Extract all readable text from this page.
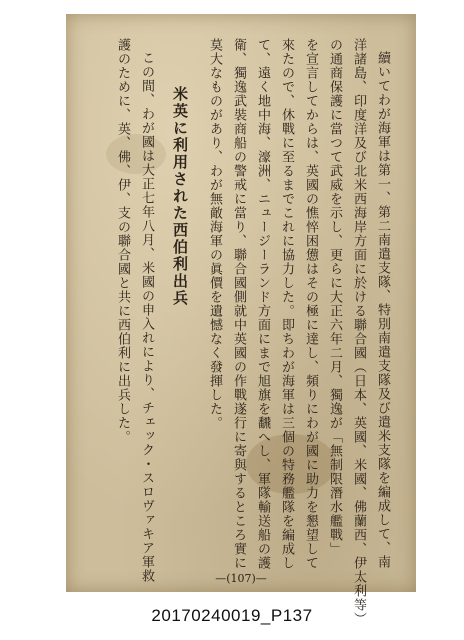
續いてわが海軍は第一、第二南遣支隊、特別南遣支隊及び遣米支隊を編成して、南
洋諸島、印度洋及び北米西海岸方面に於ける聯合國（日本、英國、米國、佛蘭西、伊太利等）
の通商保護に當つて武威を示し、更らに大正六年二月、獨逸が「無制限潛水艦戰」
を宣言してからは、英國の憔悴困憊はその極に達し、頻りにわが國に助力を懇望して
來たので、休戰に至るまでこれに協力した。即ちわが海軍は三個の特務艦隊を編成し
て、遠く地中海、濠洲、ニュージーランド方面にまで旭旗を飜へし、軍隊輸送船の護
衛、獨逸武裝商船の警戒に當り、聯合國側就中英國の作戰遂行に寄與するところ實に
莫大なものがあり、わが無敵海軍の眞價を遺憾なく發揮した。
米英に利用された西伯利出兵
この間、わが國は大正七年八月、米國の申入れにより、チェック・スロヴァキア軍救
護のために、英、佛、伊、支の聯合國と共に西伯利に出兵した。
—(107)—
20170240019_P137
